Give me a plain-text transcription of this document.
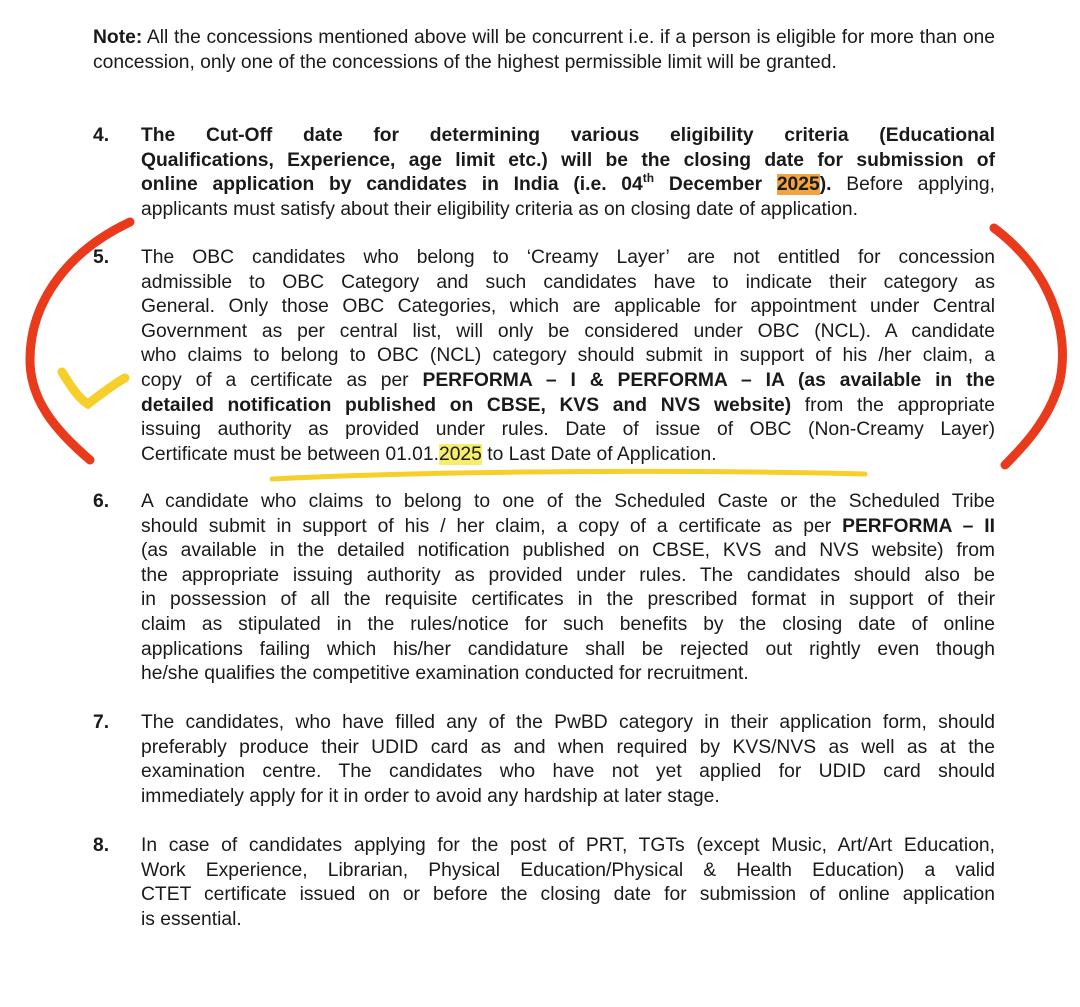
Note: All the concessions mentioned above will be concurrent i.e. if a person is eligible for more than one concession, only one of the concessions of the highest permissible limit will be granted.
4. The Cut-Off date for determining various eligibility criteria (Educational
Qualifications, Experience, age limit etc.) will be the closing date for submission of
online application by candidates in India (i.e. 04th December 2025). Before applying,
applicants must satisfy about their eligibility criteria as on closing date of application.
5. The OBC candidates who belong to ‘Creamy Layer’ are not entitled for concession
admissible to OBC Category and such candidates have to indicate their category as
General. Only those OBC Categories, which are applicable for appointment under Central
Government as per central list, will only be considered under OBC (NCL). A candidate
who claims to belong to OBC (NCL) category should submit in support of his /her claim, a
copy of a certificate as per PERFORMA – I & PERFORMA – IA (as available in the
detailed notification published on CBSE, KVS and NVS website) from the appropriate
issuing authority as provided under rules. Date of issue of OBC (Non-Creamy Layer)
Certificate must be between 01.01.2025 to Last Date of Application.
6. A candidate who claims to belong to one of the Scheduled Caste or the Scheduled Tribe
should submit in support of his / her claim, a copy of a certificate as per PERFORMA – II
(as available in the detailed notification published on CBSE, KVS and NVS website) from
the appropriate issuing authority as provided under rules. The candidates should also be
in possession of all the requisite certificates in the prescribed format in support of their
claim as stipulated in the rules/notice for such benefits by the closing date of online
applications failing which his/her candidature shall be rejected out rightly even though
he/she qualifies the competitive examination conducted for recruitment.
7. The candidates, who have filled any of the PwBD category in their application form, should
preferably produce their UDID card as and when required by KVS/NVS as well as at the
examination centre. The candidates who have not yet applied for UDID card should
immediately apply for it in order to avoid any hardship at later stage.
8. In case of candidates applying for the post of PRT, TGTs (except Music, Art/Art Education,
Work Experience, Librarian, Physical Education/Physical & Health Education) a valid
CTET certificate issued on or before the closing date for submission of online application
is essential.
